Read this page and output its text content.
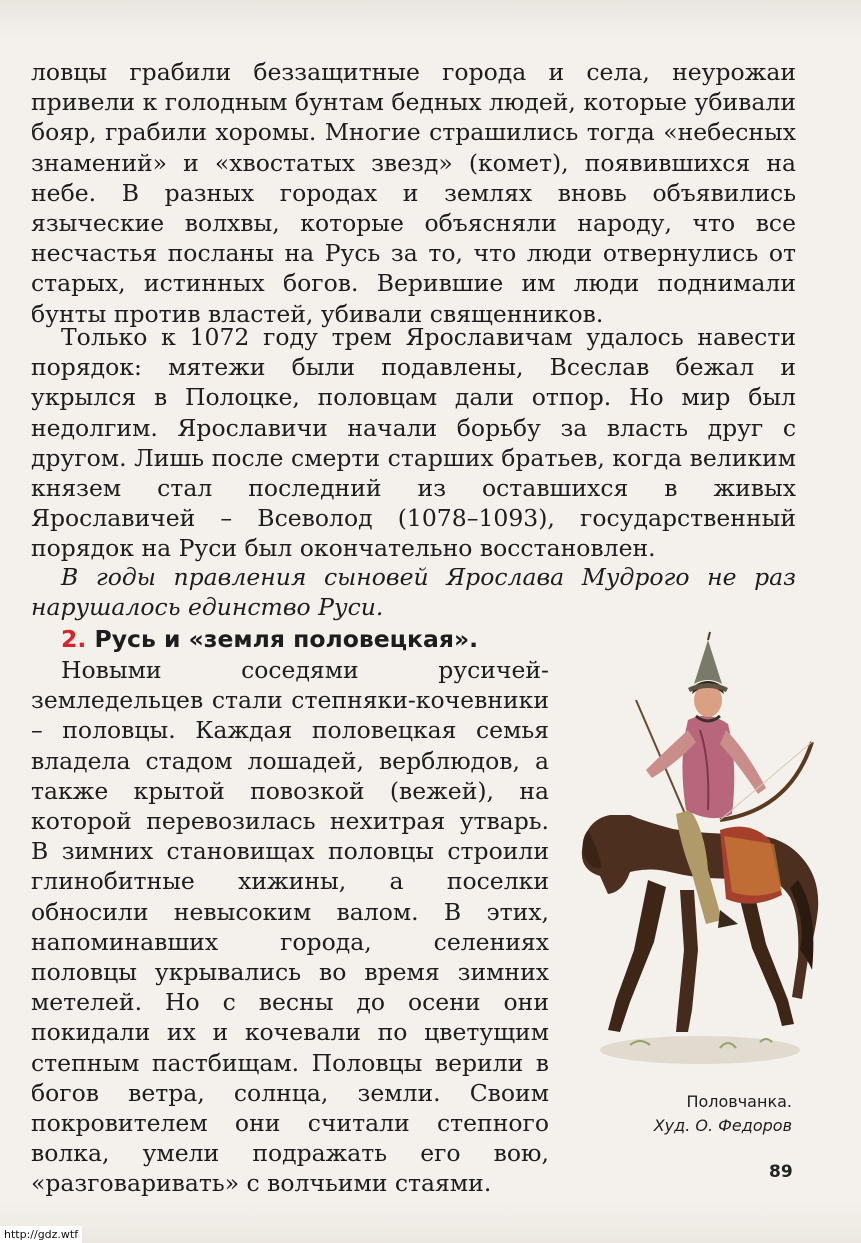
ловцы грабили беззащитные города и села, неурожаи привели к голодным бунтам бедных людей, которые убивали бояр, грабили хоромы. Многие страшились тогда «небесных знамений» и «хвостатых звезд» (комет), появившихся на небе. В разных городах и землях вновь объявились языческие волхвы, которые объясняли народу, что все несчастья посланы на Русь за то, что люди отвернулись от старых, истинных богов. Верившие им люди поднимали бунты против властей, убивали священников.

Только к 1072 году трем Ярославичам удалось навести порядок: мятежи были подавлены, Всеслав бежал и укрылся в Полоцке, половцам дали отпор. Но мир был недолгим. Ярославичи начали борьбу за власть друг с другом. Лишь после смерти старших братьев, когда великим князем стал последний из оставшихся в живых Ярославичей – Всеволод (1078–1093), государственный порядок на Руси был окончательно восстановлен.

В годы правления сыновей Ярослава Мудрого не раз нарушалось единство Руси.

2. Русь и «земля половецкая».

Новыми соседями русичей-земледельцев стали степняки-кочевники – половцы. Каждая половецкая семья владела стадом лошадей, верблюдов, а также крытой повозкой (вежей), на которой перевозилась нехитрая утварь. В зимних становищах половцы строили глинобитные хижины, а поселки обносили невысоким валом. В этих, напоминавших города, селениях половцы укрывались во время зимних метелей. Но с весны до осени они покидали их и кочевали по цветущим степным пастбищам. Половцы верили в богов ветра, солнца, земли. Своим покровителем они считали степного волка, умели подражать его вою, «разговаривать» с волчьими стаями.

Половчанка.
Худ. О. Федоров
89
http://gdz.wtf
